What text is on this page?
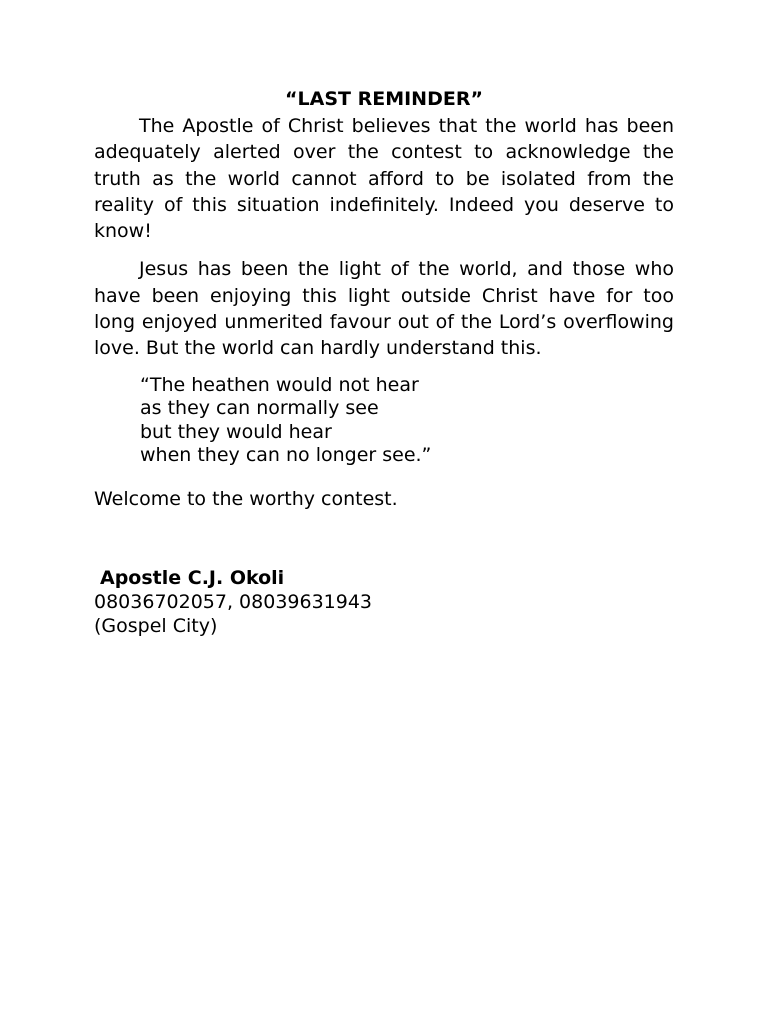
“LAST REMINDER”

The Apostle of Christ believes that the world has been adequately alerted over the contest to acknowledge the truth as the world cannot afford to be isolated from the reality of this situation indefinitely. Indeed you deserve to know!

Jesus has been the light of the world, and those who have been enjoying this light outside Christ have for too long enjoyed unmerited favour out of the Lord’s overflowing love. But the world can hardly understand this.

“The heathen would not hear
as they can normally see
but they would hear
when they can no longer see.”

Welcome to the worthy contest.

Apostle C.J. Okoli
08036702057, 08039631943
(Gospel City)
